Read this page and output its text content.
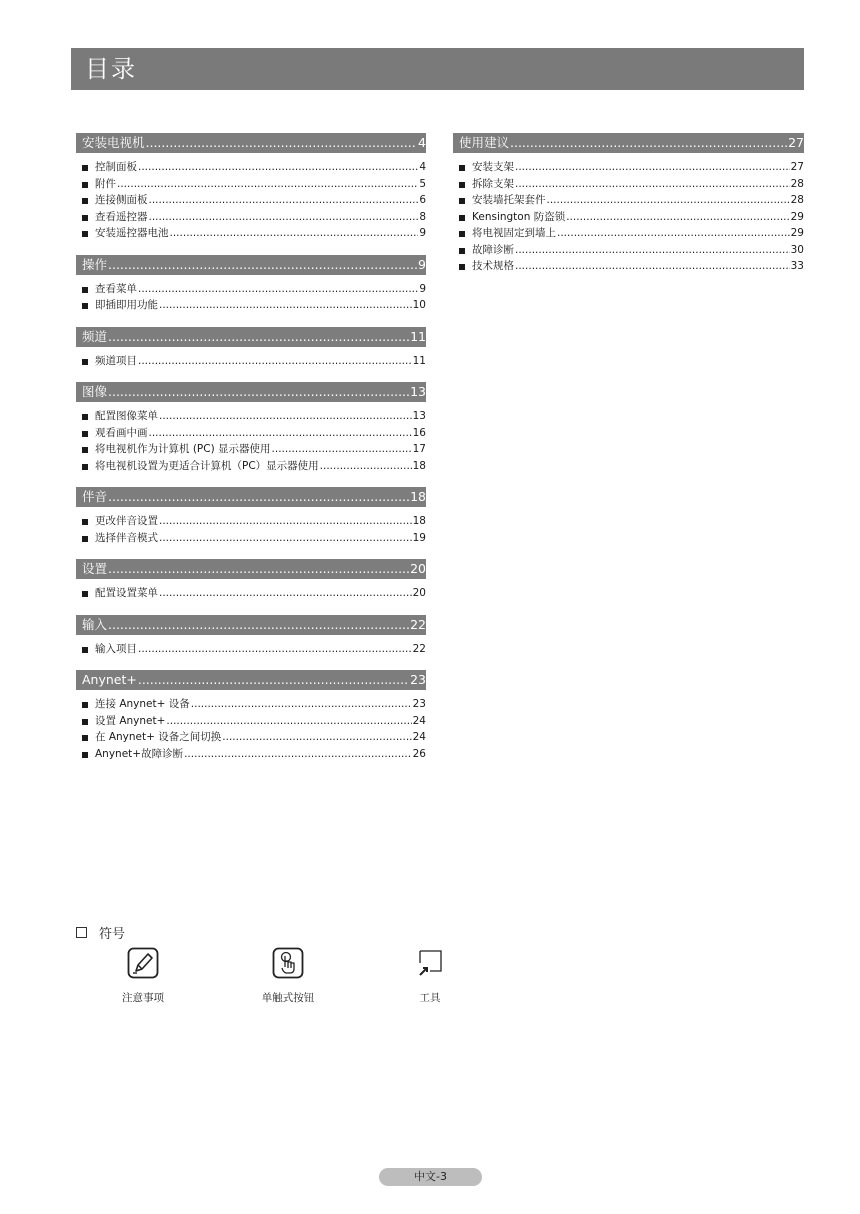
目录
安装电视机 .....	4
控制面板 .....	4
附件 .....	5
连接侧面板 .....	6
查看遥控器 .....	8
安装遥控器电池 .....	9
操作 .....	9
查看菜单 .....	9
即插即用功能 .....	10
频道 .....	11
频道项目 .....	11
图像 .....	13
配置图像菜单 .....	13
观看画中画 .....	16
将电视机作为计算机 (PC) 显示器使用 .....	17
将电视机设置为更适合计算机（PC）显示器使用 .....	18
伴音 .....	18
更改伴音设置 .....	18
选择伴音模式 .....	19
设置 .....	20
配置设置菜单 .....	20
输入 .....	22
输入项目 .....	22
Anynet+ .....	23
连接 Anynet+ 设备 .....	23
设置 Anynet+ .....	24
在 Anynet+ 设备之间切换 .....	24
Anynet+故障诊断 .....	26
使用建议 .....	27
安装支架 .....	27
拆除支架 .....	28
安装墙托架套件 .....	28
Kensington 防盗锁 .....	29
将电视固定到墙上 .....	29
故障诊断 .....	30
技术规格 .....	33
符号
注意事项	单触式按钮	工具
中文-3
